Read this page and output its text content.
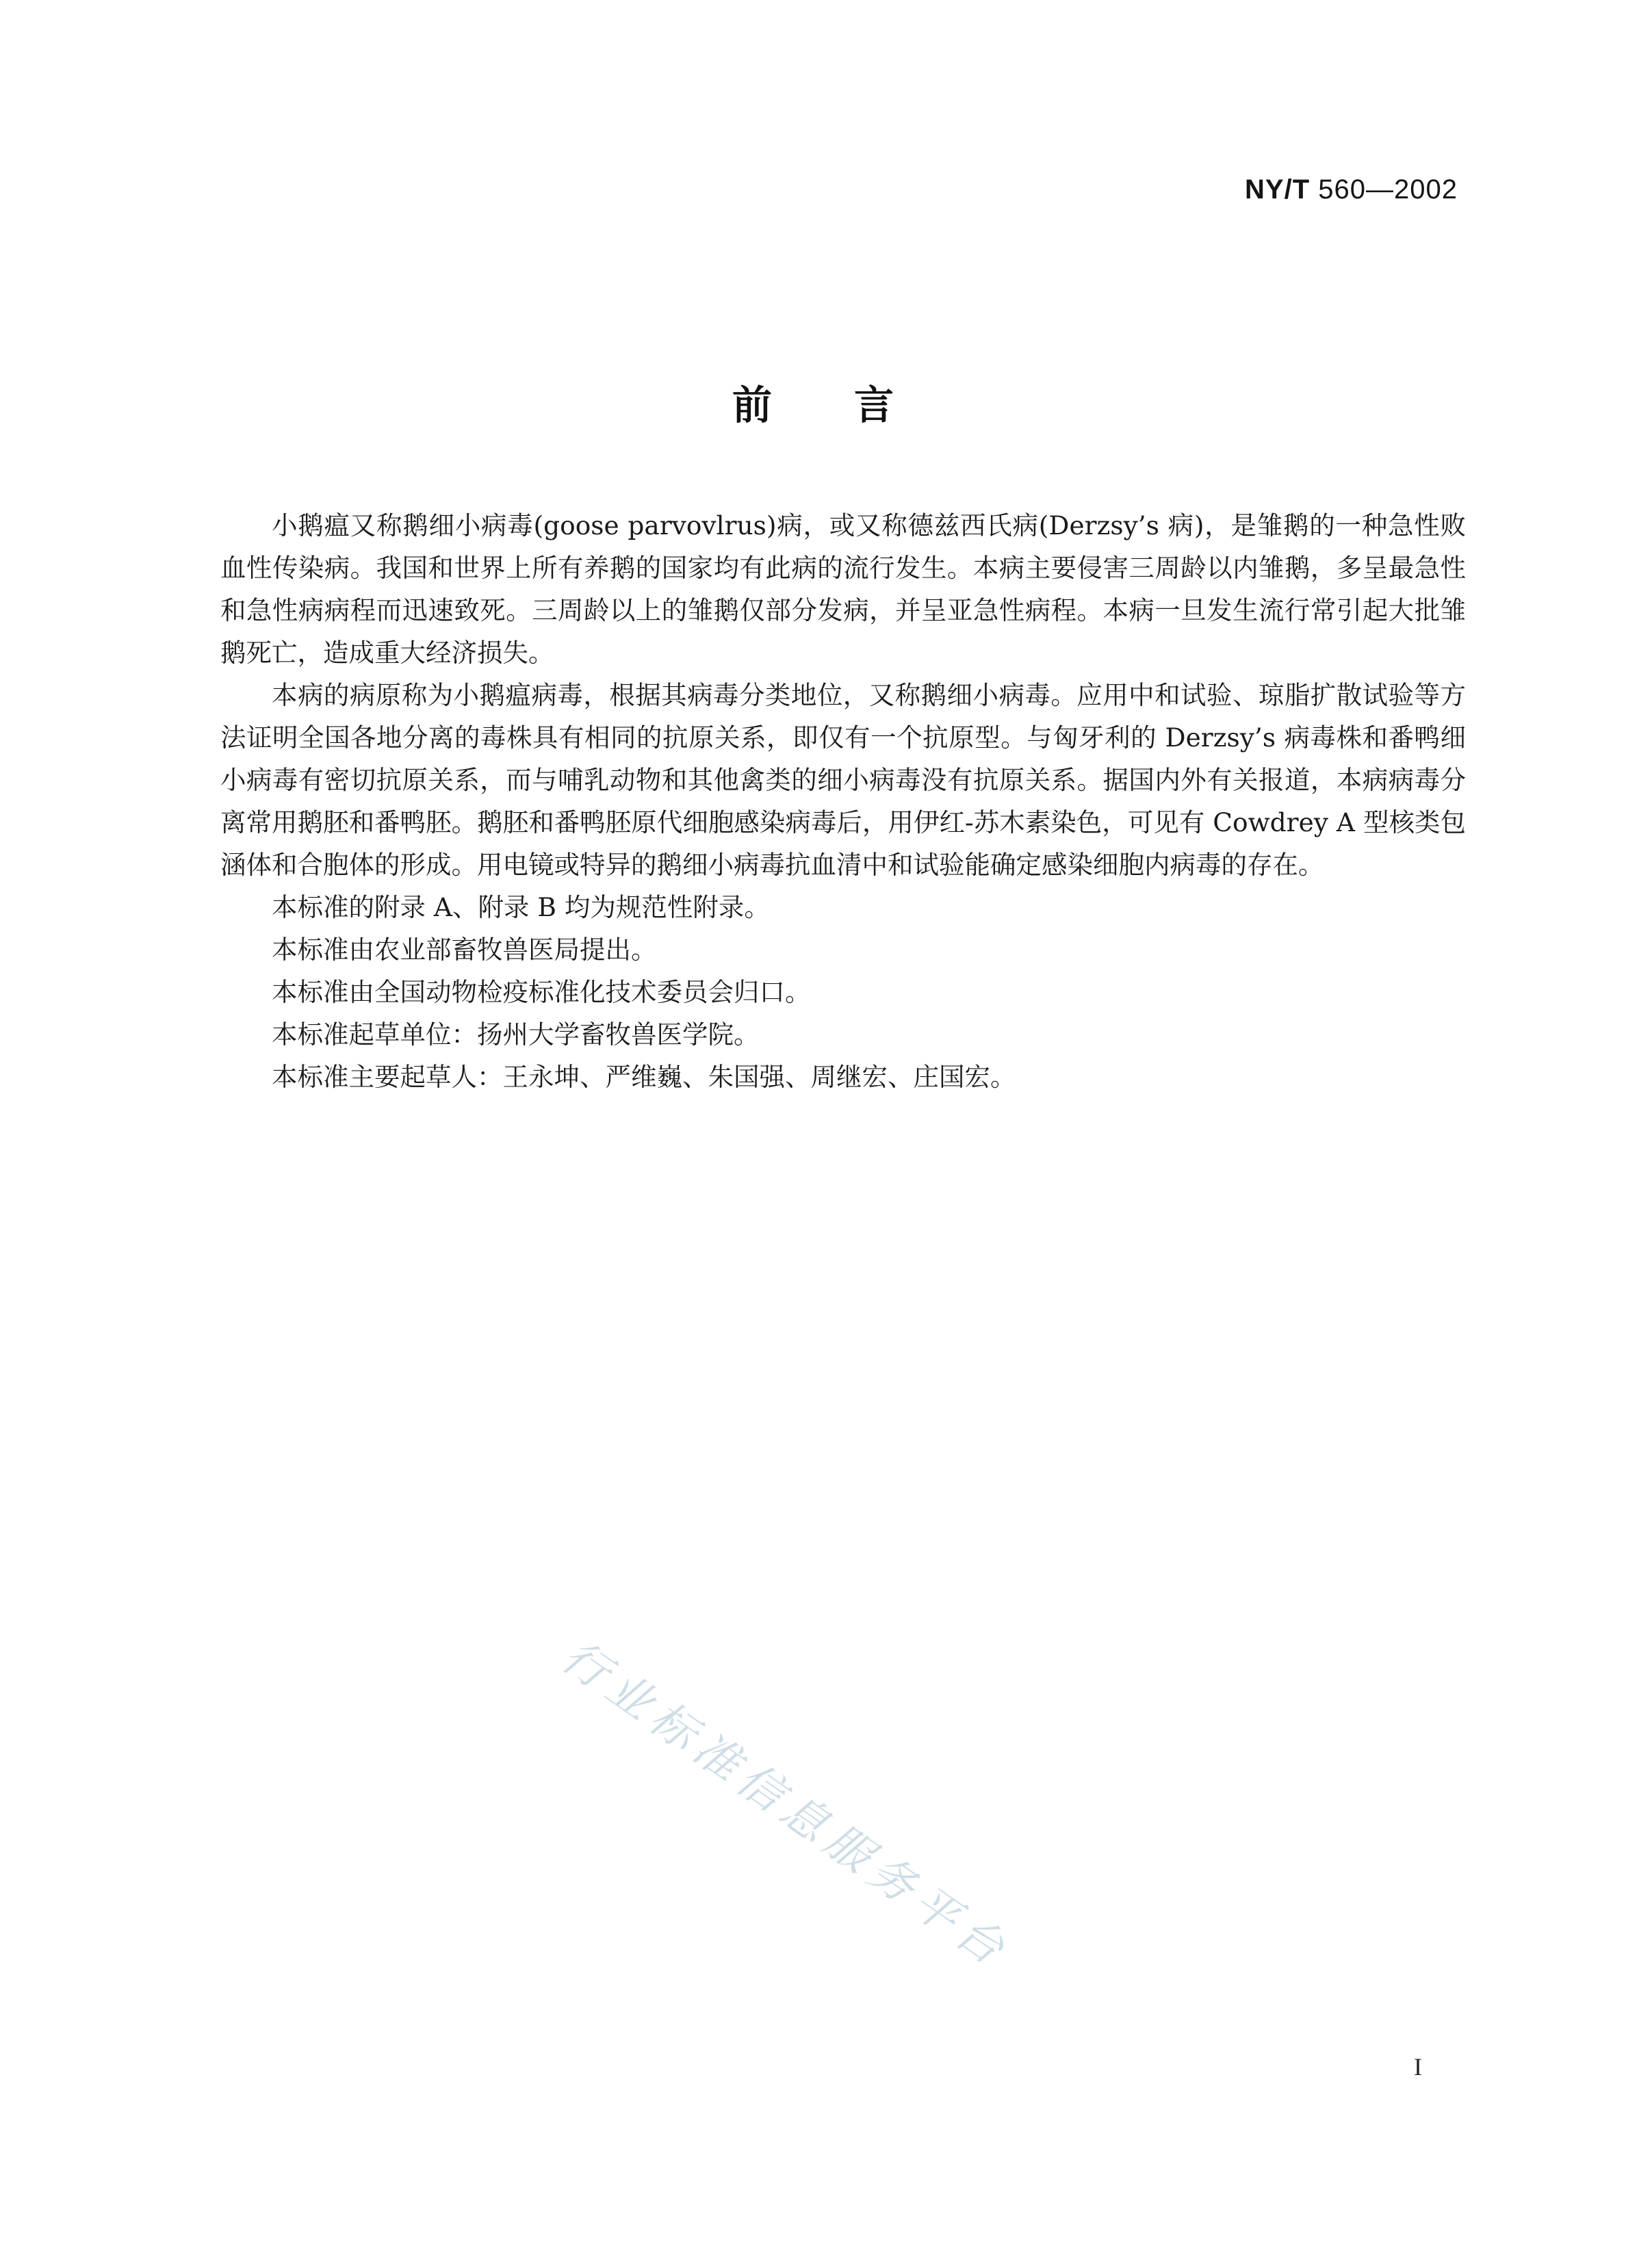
NY/T 560—2002
前言

小鹅瘟又称鹅细小病毒(goose parvovlrus)病，或又称德兹西氏病(Derzsy’s 病)，是雏鹅的一种急性败血性传染病。我国和世界上所有养鹅的国家均有此病的流行发生。本病主要侵害三周龄以内雏鹅，多呈最急性和急性病病程而迅速致死。三周龄以上的雏鹅仅部分发病，并呈亚急性病程。本病一旦发生流行常引起大批雏鹅死亡，造成重大经济损失。

本病的病原称为小鹅瘟病毒，根据其病毒分类地位，又称鹅细小病毒。应用中和试验、琼脂扩散试验等方法证明全国各地分离的毒株具有相同的抗原关系，即仅有一个抗原型。与匈牙利的 Derzsy’s 病毒株和番鸭细小病毒有密切抗原关系，而与哺乳动物和其他禽类的细小病毒没有抗原关系。据国内外有关报道，本病病毒分离常用鹅胚和番鸭胚。鹅胚和番鸭胚原代细胞感染病毒后，用伊红-苏木素染色，可见有 Cowdrey A 型核类包涵体和合胞体的形成。用电镜或特异的鹅细小病毒抗血清中和试验能确定感染细胞内病毒的存在。

本标准的附录 A、附录 B 均为规范性附录。

本标准由农业部畜牧兽医局提出。

本标准由全国动物检疫标准化技术委员会归口。

本标准起草单位：扬州大学畜牧兽医学院。

本标准主要起草人：王永坤、严维巍、朱国强、周继宏、庄国宏。

行业标准信息服务平台
I
